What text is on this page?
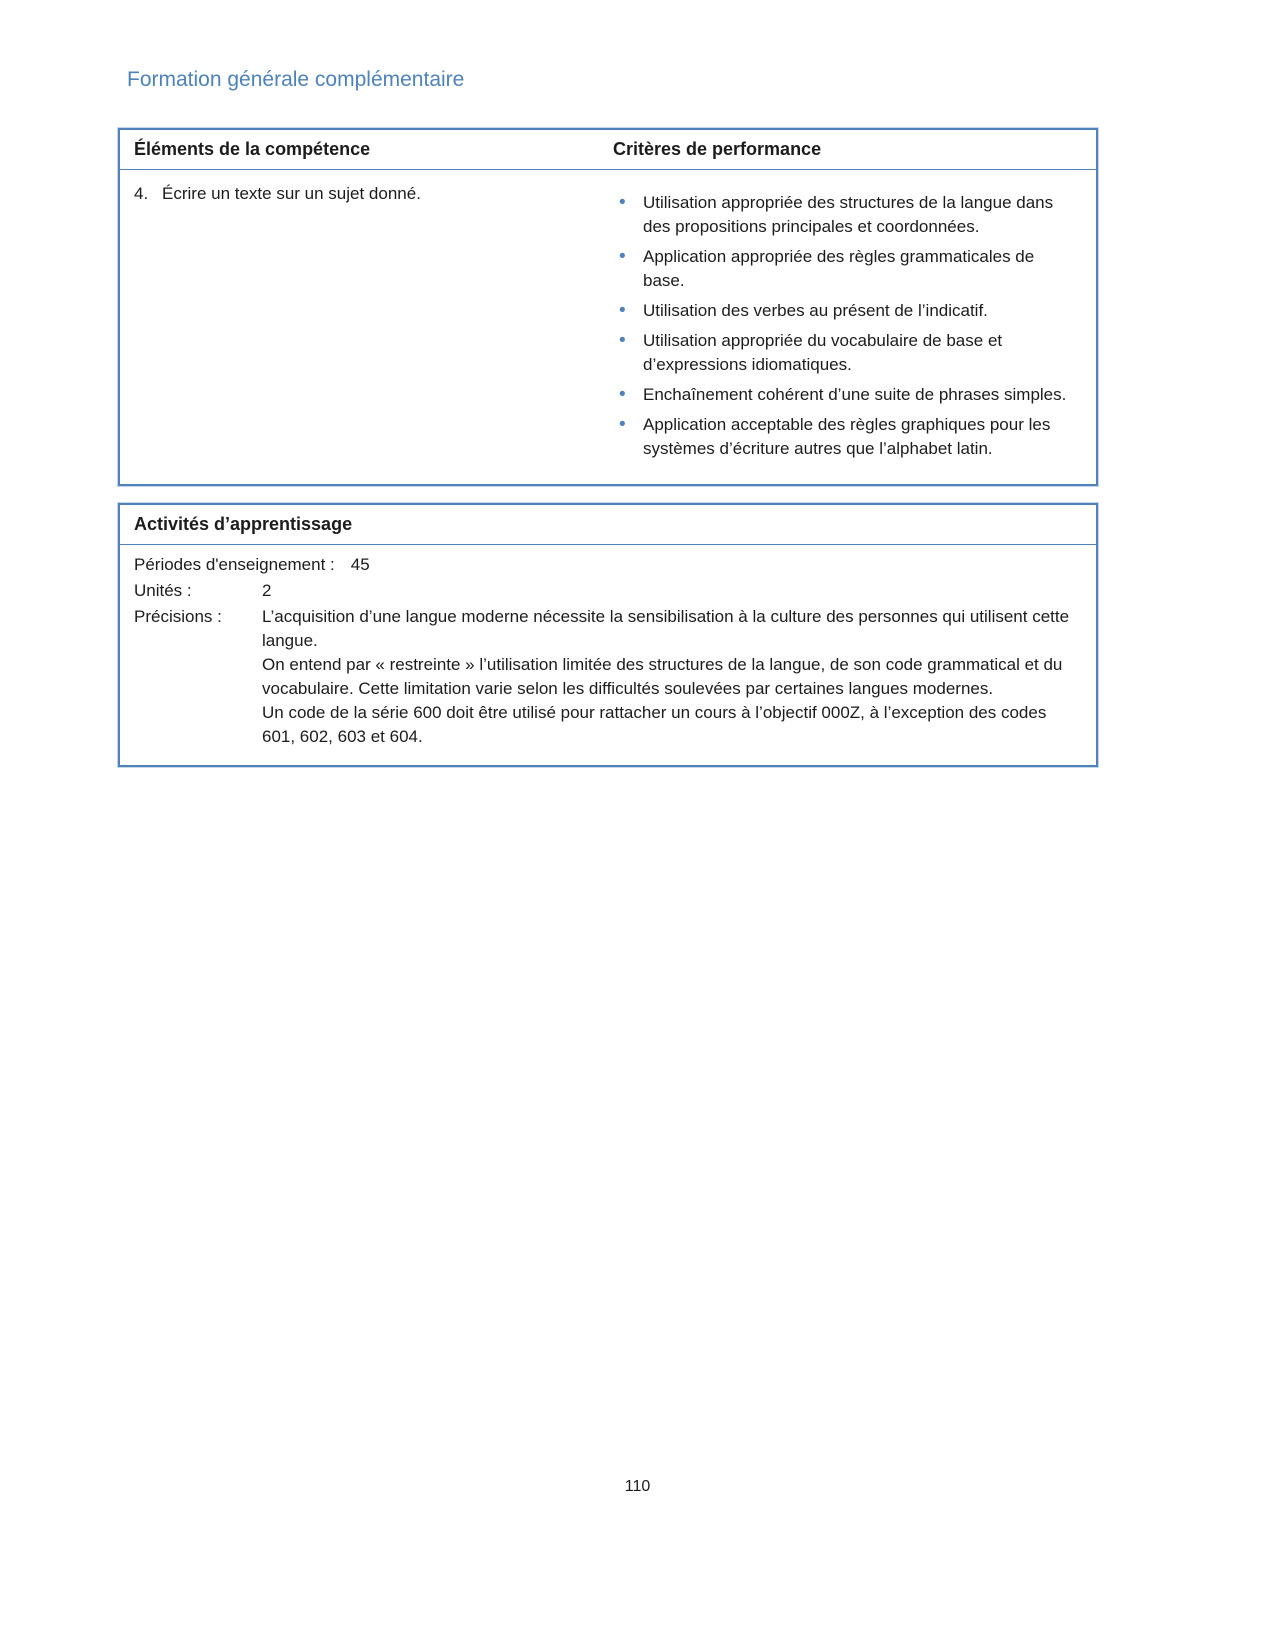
Formation générale complémentaire
Éléments de la compétence	Critères de performance
4. Écrire un texte sur un sujet donné.	• Utilisation appropriée des structures de la langue dans des propositions principales et coordonnées.
• Application appropriée des règles grammaticales de base.
• Utilisation des verbes au présent de l’indicatif.
• Utilisation appropriée du vocabulaire de base et d’expressions idiomatiques.
• Enchaînement cohérent d’une suite de phrases simples.
• Application acceptable des règles graphiques pour les systèmes d’écriture autres que l’alphabet latin.
Activités d’apprentissage
Périodes d'enseignement : 45
Unités :	2
Précisions :	L’acquisition d’une langue moderne nécessite la sensibilisation à la culture des personnes qui utilisent cette langue.

On entend par « restreinte » l’utilisation limitée des structures de la langue, de son code grammatical et du vocabulaire. Cette limitation varie selon les difficultés soulevées par certaines langues modernes.

Un code de la série 600 doit être utilisé pour rattacher un cours à l’objectif 000Z, à l’exception des codes 601, 602, 603 et 604.

110
